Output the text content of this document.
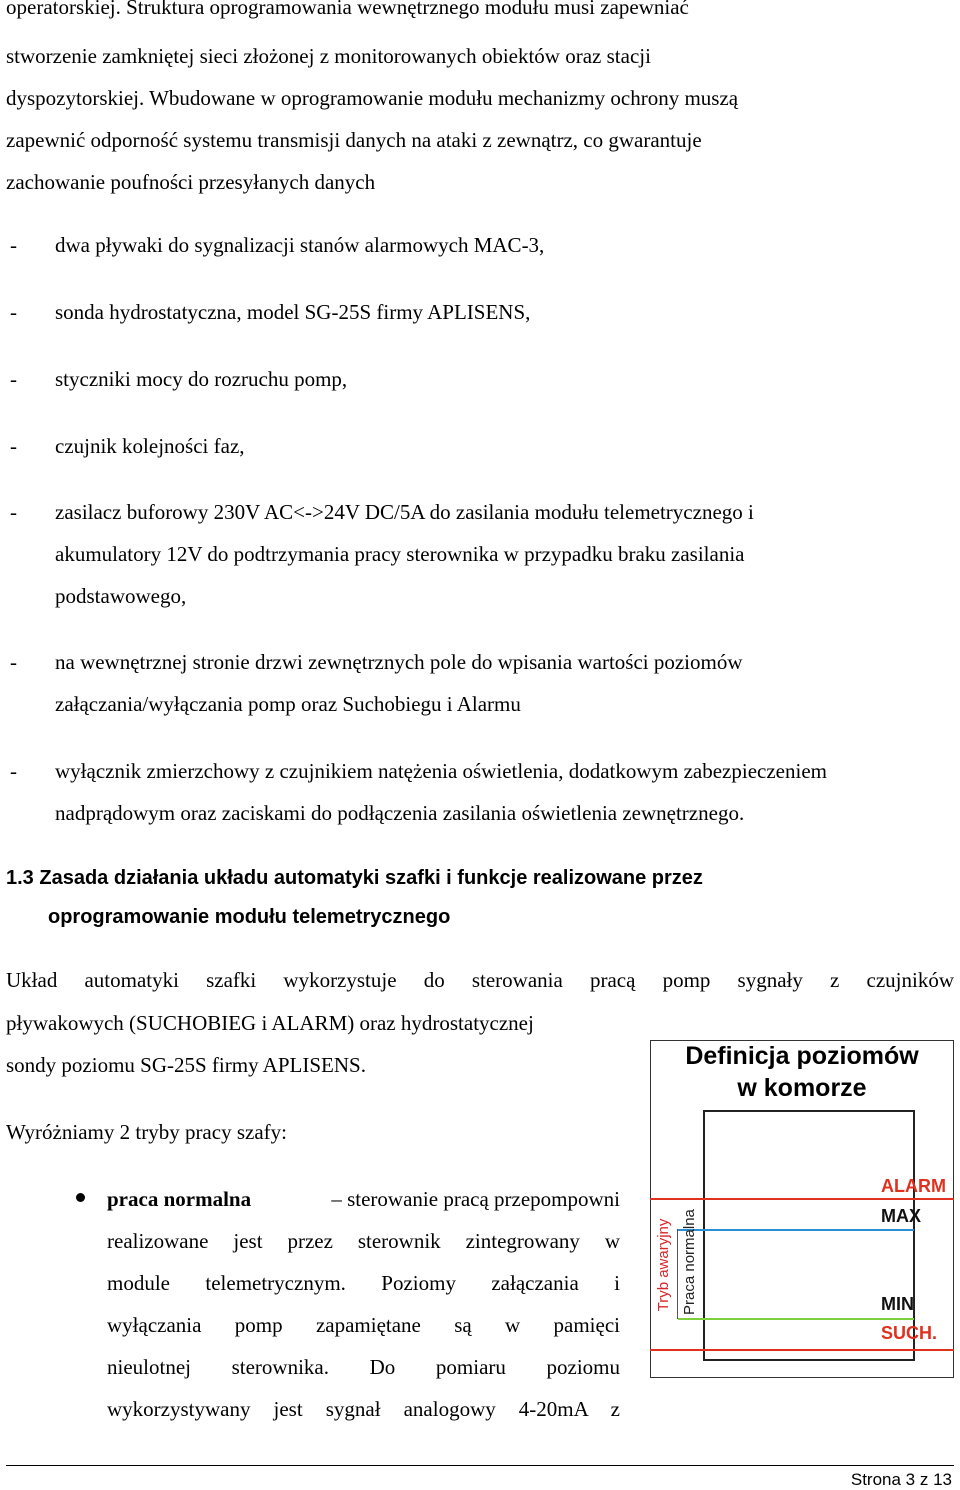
operatorskiej. Struktura oprogramowania wewnętrznego modułu musi zapewniać
stworzenie zamkniętej sieci złożonej z monitorowanych obiektów oraz stacji
dyspozytorskiej. Wbudowane w oprogramowanie modułu mechanizmy ochrony muszą
zapewnić odporność systemu transmisji danych na ataki z zewnątrz, co gwarantuje
zachowanie poufności przesyłanych danych
- dwa pływaki do sygnalizacji stanów alarmowych MAC-3,
- sonda hydrostatyczna, model SG-25S firmy APLISENS,
- styczniki mocy do rozruchu pomp,
- czujnik kolejności faz,
- zasilacz buforowy 230V AC<->24V DC/5A do zasilania modułu telemetrycznego i
akumulatory 12V do podtrzymania pracy sterownika w przypadku braku zasilania
podstawowego,
- na wewnętrznej stronie drzwi zewnętrznych pole do wpisania wartości poziomów
załączania/wyłączania pomp oraz Suchobiegu i Alarmu
- wyłącznik zmierzchowy z czujnikiem natężenia oświetlenia, dodatkowym zabezpieczeniem
nadprądowym oraz zaciskami do podłączenia zasilania oświetlenia zewnętrznego.
1.3 Zasada działania układu automatyki szafki i funkcje realizowane przez
oprogramowanie modułu telemetrycznego
Układ automatyki szafki wykorzystuje do sterowania pracą pomp sygnały z czujników
pływakowych (SUCHOBIEG i ALARM) oraz hydrostatycznej
sondy poziomu SG-25S firmy APLISENS.
Wyróżniamy 2 tryby pracy szafy:
praca normalna	– sterowanie pracą przepompowni
realizowane jest przez sterownik zintegrowany w
module telemetrycznym. Poziomy załączania i
wyłączania pomp zapamiętane są w pamięci
nieulotnej sterownika. Do pomiaru poziomu
wykorzystywany jest sygnał analogowy 4-20mA z
Definicja poziomów
w komorze
Tryb awaryjny Praca normalna
ALARM
MAX
MIN
SUCH.
Strona 3 z 13
